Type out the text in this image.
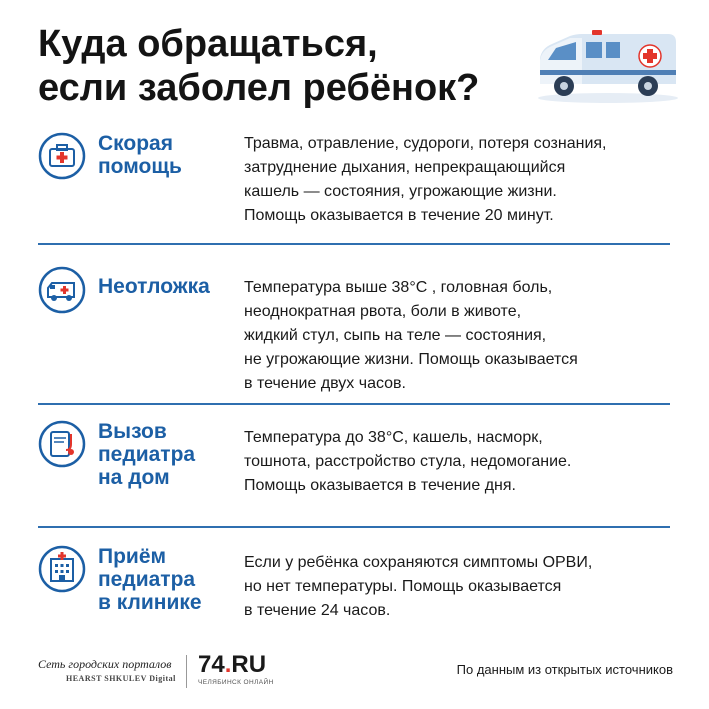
Куда обращаться,
если заболел ребёнок?
Скорая
помощь
Травма, отравление, судороги, потеря сознания,
затруднение дыхания, непрекращающийся
кашель — состояния, угрожающие жизни.
Помощь оказывается в течение 20 минут.
Неотложка Температура выше 38°С , головная боль,
неоднократная рвота, боли в животе,
жидкий стул, сыпь на теле — состояния,
не угрожающие жизни. Помощь оказывается
в течение двух часов.
Вызов
педиатра
на дом
Температура до 38°С, кашель, насморк,
тошнота, расстройство стула, недомогание.
Помощь оказывается в течение дня.
Приём
педиатра
в клинике
Если у ребёнка сохраняются симптомы ОРВИ,
но нет температуры. Помощь оказывается
в течение 24 часов.
Сеть городских порталов
HEARST SHKULEV Digital
74.RU
ЧЕЛЯБИНСК ОНЛАЙН
По данным из открытых источников
